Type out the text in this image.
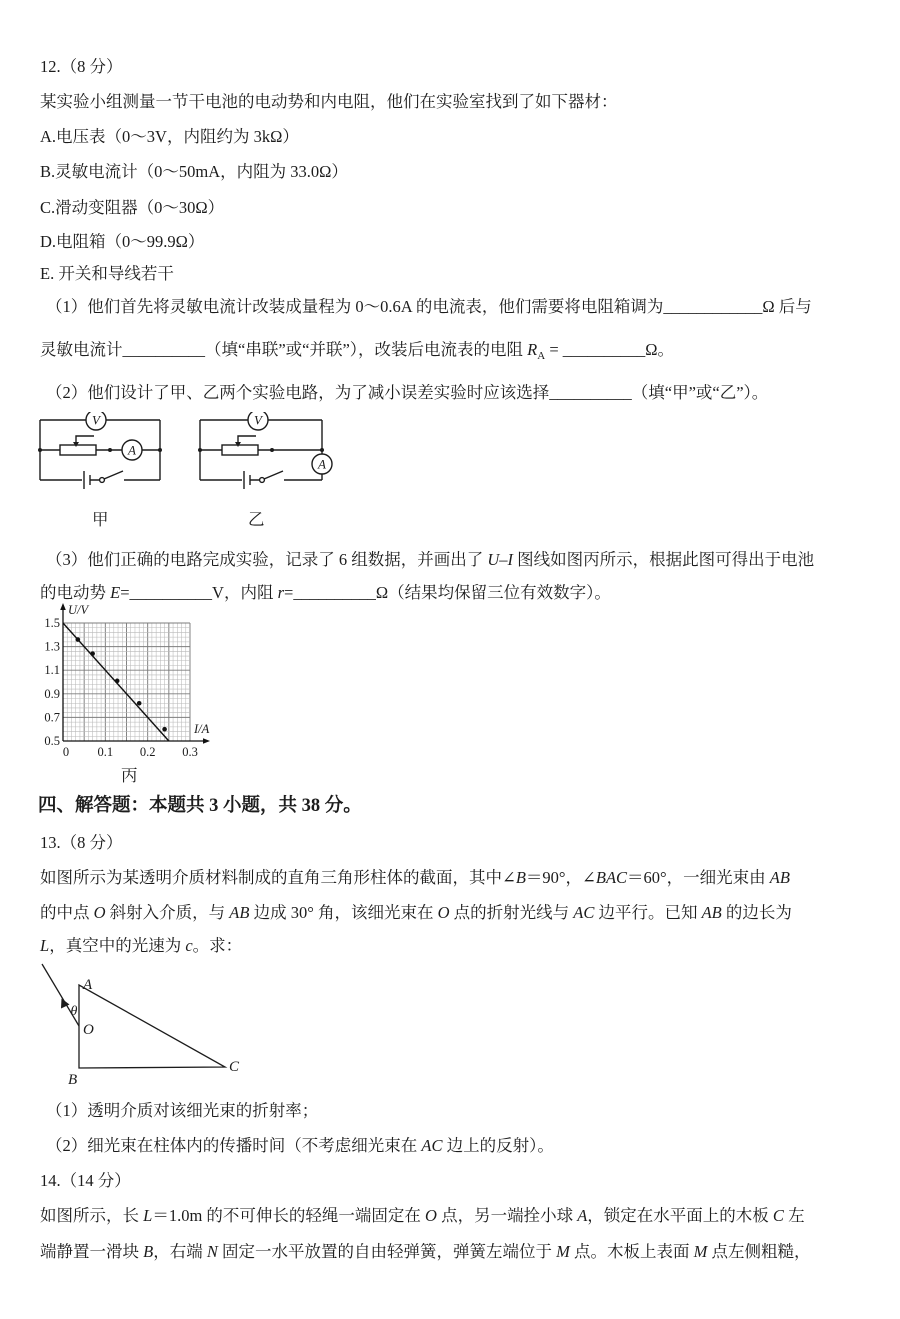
12.（8 分）
某实验小组测量一节干电池的电动势和内电阻，他们在实验室找到了如下器材：
A.电压表（0～3V，内阻约为 3kΩ）
B.灵敏电流计（0～50mA，内阻为 33.0Ω）
C.滑动变阻器（0～30Ω）
D.电阻箱（0～99.9Ω）
E. 开关和导线若干
（1）他们首先将灵敏电流计改装成量程为 0～0.6A 的电流表，他们需要将电阻箱调为____________Ω 后与
灵敏电流计__________（填“串联”或“并联”），改装后电流表的电阻 $R_A$ = __________Ω。
（2）他们设计了甲、乙两个实验电路，为了减小误差实验时应该选择__________（填“甲”或“乙”）。
甲	乙
（3）他们正确的电路完成实验，记录了 6 组数据，并画出了 U–I 图线如图丙所示，根据此图可得出于电池
的电动势 E=__________V，内阻 r=__________Ω（结果均保留三位有效数字）。
丙
四、解答题：本题共 3 小题，共 38 分。
13.（8 分）
如图所示为某透明介质材料制成的直角三角形柱体的截面，其中∠B＝90°，∠BAC＝60°，一细光束由 AB
的中点 O 斜射入介质，与 AB 边成 30° 角，该细光束在 O 点的折射光线与 AC 边平行。已知 AB 的边长为
L，真空中的光速为 c。求：
（1）透明介质对该细光束的折射率；
（2）细光束在柱体内的传播时间（不考虑细光束在 AC 边上的反射）。
14.（14 分）
如图所示，长 L＝1.0m 的不可伸长的轻绳一端固定在 O 点，另一端拴小球 A，锁定在水平面上的木板 C 左
端静置一滑块 B，右端 N 固定一水平放置的自由轻弹簧，弹簧左端位于 M 点。木板上表面 M 点左侧粗糙，
V
A
V
A
U/V
I/A
1.5
1.3
1.1
0.9
0.7
0.5
0 0.1 0.2 0.3
A
B
C
O
θ
